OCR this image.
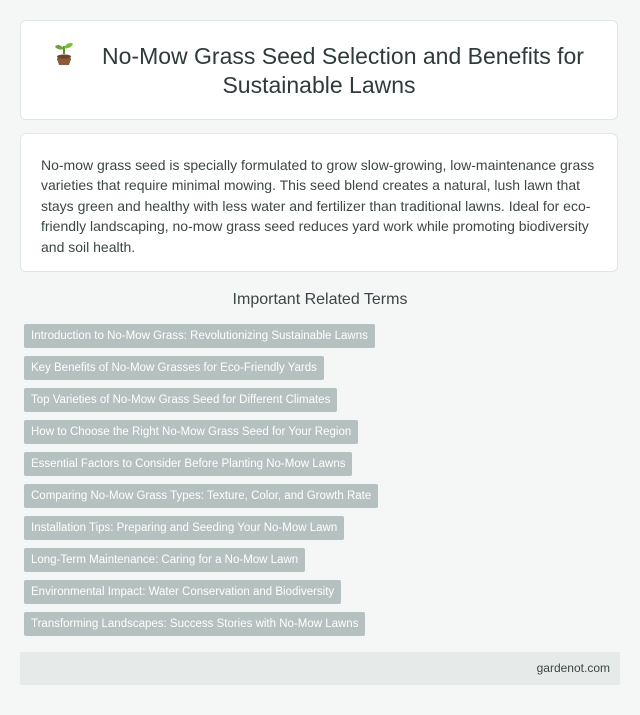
No-Mow Grass Seed Selection and Benefits for Sustainable Lawns

No-mow grass seed is specially formulated to grow slow-growing, low-maintenance grass varieties that require minimal mowing. This seed blend creates a natural, lush lawn that stays green and healthy with less water and fertilizer than traditional lawns. Ideal for eco-friendly landscaping, no-mow grass seed reduces yard work while promoting biodiversity and soil health.

Important Related Terms
Introduction to No-Mow Grass: Revolutionizing Sustainable Lawns
Key Benefits of No-Mow Grasses for Eco-Friendly Yards
Top Varieties of No-Mow Grass Seed for Different Climates
How to Choose the Right No-Mow Grass Seed for Your Region
Essential Factors to Consider Before Planting No-Mow Lawns
Comparing No-Mow Grass Types: Texture, Color, and Growth Rate
Installation Tips: Preparing and Seeding Your No-Mow Lawn
Long-Term Maintenance: Caring for a No-Mow Lawn
Environmental Impact: Water Conservation and Biodiversity
Transforming Landscapes: Success Stories with No-Mow Lawns
gardenot.com
